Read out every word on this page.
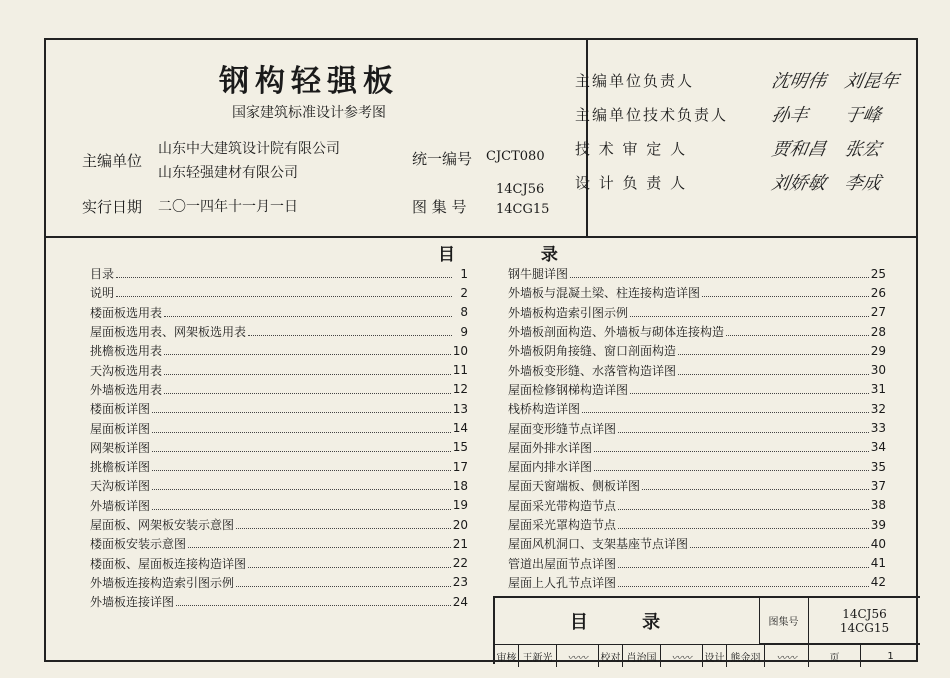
钢构轻强板
国家建筑标准设计参考图
主编单位
山东中大建筑设计院有限公司
山东轻强建材有限公司
统一编号 CJCT080
实行日期 二〇一四年十一月一日	图 集 号
14CJ56
14CG15
目 录
目录	1
说明	2
楼面板选用表	8
屋面板选用表、网架板选用表	9
挑檐板选用表	10
天沟板选用表	11
外墙板选用表	12
楼面板详图	13
屋面板详图	14
网架板详图	15
挑檐板详图	17
天沟板详图	18
外墙板详图	19
屋面板、网架板安装示意图	20
楼面板安装示意图	21
楼面板、屋面板连接构造详图	22
外墙板连接构造索引图示例	23
外墙板连接详图	24
钢牛腿详图	25
外墙板与混凝土梁、柱连接构造详图	26
外墙板构造索引图示例	27
外墙板剖面构造、外墙板与砌体连接构造	28
外墙板阴角接缝、窗口剖面构造	29
外墙板变形缝、水落管构造详图	30
屋面检修钢梯构造详图	31
栈桥构造详图	32
屋面变形缝节点详图	33
屋面外排水详图	34
屋面内排水详图	35
屋面天窗端板、侧板详图	37
屋面采光带构造节点	38
屋面采光罩构造节点	39
屋面风机洞口、支架基座节点详图	40
管道出屋面节点详图	41
屋面上人孔节点详图	42
目 录	图集号
14CJ56
14CG15
审核 王新光	〰〰	校对 肖治国	〰〰	设计 熊金羽	〰〰	页	1
主编单位负责人	沈明伟 刘昆年
主编单位技术负责人 孙丰 于峰
技 术 审 定 人	贾和昌 张宏
设 计 负 责 人	刘娇敏 李成
